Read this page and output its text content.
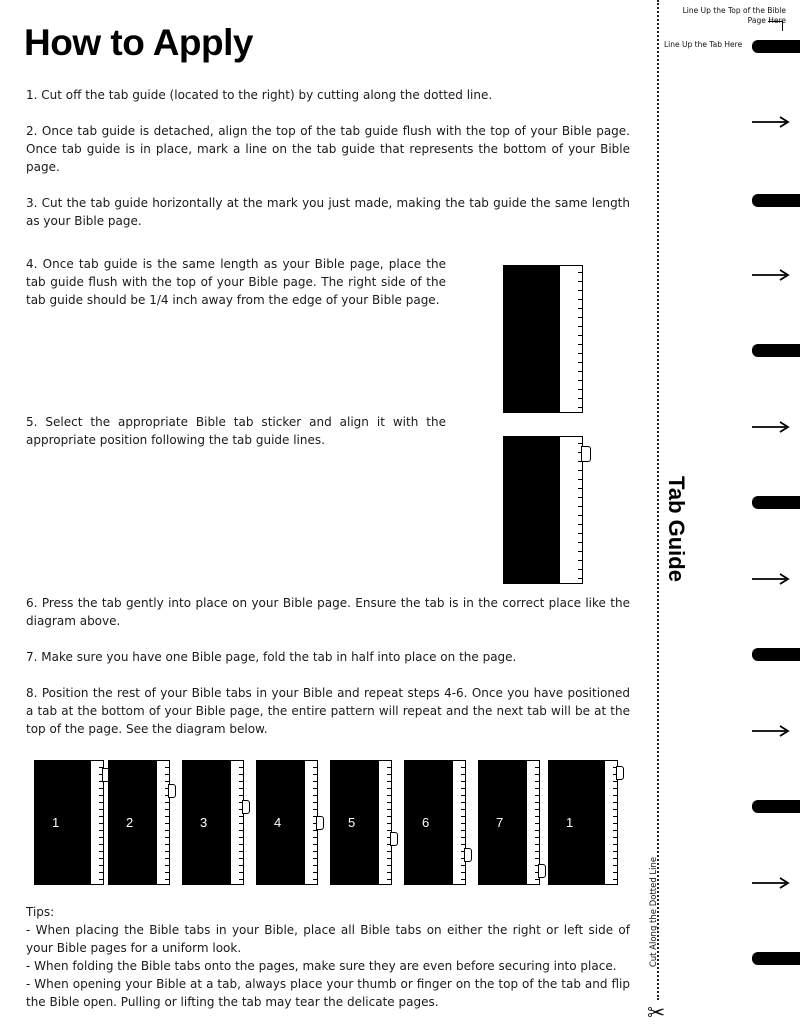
How to Apply
1. Cut off the tab guide (located to the right) by cutting along the dotted line.
2. Once tab guide is detached, align the top of the tab guide flush with the top of your Bible page. Once tab guide is in place, mark a line on the tab guide that represents the bottom of your Bible page.
3. Cut the tab guide horizontally at the mark you just made, making the tab guide the same length as your Bible page.
4. Once tab guide is the same length as your Bible page, place the tab guide flush with the top of your Bible page. The right side of the tab guide should be 1/4 inch away from the edge of your Bible page.
5. Select the appropriate Bible tab sticker and align it with the appropriate position following the tab guide lines.
6. Press the tab gently into place on your Bible page. Ensure the tab is in the correct place like the diagram above.
7. Make sure you have one Bible page, fold the tab in half into place on the page.
8. Position the rest of your Bible tabs in your Bible and repeat steps 4-6. Once you have positioned a tab at the bottom of your Bible page, the entire pattern will repeat and the next tab will be at the top of the page. See the diagram below.
1	2	3	4	5	6	7	1
Tips:
- When placing the Bible tabs in your Bible, place all Bible tabs on either the right or left side of your Bible pages for a uniform look.
- When folding the Bible tabs onto the pages, make sure they are even before securing into place.
- When opening your Bible at a tab, always place your thumb or finger on the top of the tab and flip the Bible open. Pulling or lifting the tab may tear the delicate pages.
Line Up the Top of the Bible Page Here
Line Up the Tab Here
Tab Guide
Cut Along the Dotted Line
✂
